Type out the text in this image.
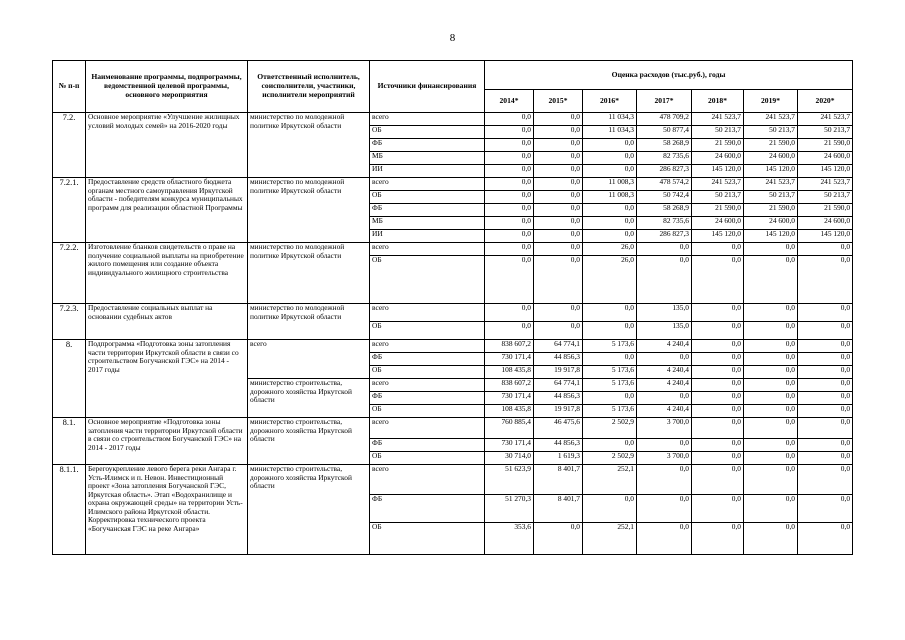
8
№ п-п	Наименование программы, подпрограммы, ведомственной целевой программы, основного мероприятия	Ответственный исполнитель, соисполнители, участники, исполнители мероприятий	Источники финансирования	Оценка расходов (тыс.руб.), годы						
				2014*	2015*	2016*	2017*	2018*	2019*	2020*
7.2.	Основное мероприятие «Улучшение жилищных условий молодых семей» на 2016-2020 годы	министерство по молодежной политике Иркутской области	всего	0,0	0,0	11 034,3	478 709,2	241 523,7	241 523,7	241 523,7
			ОБ	0,0	0,0	11 034,3	50 877,4	50 213,7	50 213,7	50 213,7
			ФБ	0,0	0,0	0,0	58 268,9	21 590,0	21 590,0	21 590,0
			МБ	0,0	0,0	0,0	82 735,6	24 600,0	24 600,0	24 600,0
			ИИ	0,0	0,0	0,0	286 827,3	145 120,0	145 120,0	145 120,0
7.2.1.	Предоставление средств областного бюджета органам местного самоуправления Иркутской области - победителям конкурса муниципальных программ для реализации областной Программы	министерство по молодежной политике Иркутской области	всего	0,0	0,0	11 008,3	478 574,2	241 523,7	241 523,7	241 523,7
			ОБ	0,0	0,0	11 008,3	50 742,4	50 213,7	50 213,7	50 213,7
			ФБ	0,0	0,0	0,0	58 268,9	21 590,0	21 590,0	21 590,0
			МБ	0,0	0,0	0,0	82 735,6	24 600,0	24 600,0	24 600,0
			ИИ	0,0	0,0	0,0	286 827,3	145 120,0	145 120,0	145 120,0
7.2.2.	Изготовление бланков свидетельств о праве на получение социальной выплаты на приобретение жилого помещения или создание объекта индивидуального жилищного строительства	министерство по молодежной политике Иркутской области	всего	0,0	0,0	26,0	0,0	0,0	0,0	0,0
			ОБ	0,0	0,0	26,0	0,0	0,0	0,0	0,0
7.2.3.	Предоставление социальных выплат на основании судебных актов	министерство по молодежной политике Иркутской области	всего	0,0	0,0	0,0	135,0	0,0	0,0	0,0
			ОБ	0,0	0,0	0,0	135,0	0,0	0,0	0,0
8.	Подпрограмма «Подготовка зоны затопления части территории Иркутской области в связи со строительством Богучанской ГЭС» на 2014 - 2017 годы	всего	всего	838 607,2	64 774,1	5 173,6	4 240,4	0,0	0,0	0,0
			ФБ	730 171,4	44 856,3	0,0	0,0	0,0	0,0	0,0
			ОБ	108 435,8	19 917,8	5 173,6	4 240,4	0,0	0,0	0,0
		министерство строительства, дорожного хозяйства Иркутской области	всего	838 607,2	64 774,1	5 173,6	4 240,4	0,0	0,0	0,0
			ФБ	730 171,4	44 856,3	0,0	0,0	0,0	0,0	0,0
			ОБ	108 435,8	19 917,8	5 173,6	4 240,4	0,0	0,0	0,0
8.1.	Основное мероприятие «Подготовка зоны затопления части территории Иркутской области в связи со строительством Богучанской ГЭС» на 2014 - 2017 годы	министерство строительства, дорожного хозяйства Иркутской области	всего	760 885,4	46 475,6	2 502,9	3 700,0	0,0	0,0	0,0
			ФБ	730 171,4	44 856,3	0,0	0,0	0,0	0,0	0,0
			ОБ	30 714,0	1 619,3	2 502,9	3 700,0	0,0	0,0	0,0
8.1.1.	Берегоукрепление левого берега реки Ангара г. Усть-Илимск и п. Невон. Инвестиционный проект «Зона затопления Богучанской ГЭС, Иркутская область». Этап «Водохранилище и охрана окружающей среды» на территории Усть-Илимского района Иркутской области. Корректировка технического проекта «Богучанская ГЭС на реке Ангара»	министерство строительства, дорожного хозяйства Иркутской области	всего	51 623,9	8 401,7	252,1	0,0	0,0	0,0	0,0
			ФБ	51 270,3	8 401,7	0,0	0,0	0,0	0,0	0,0
			ОБ	353,6	0,0	252,1	0,0	0,0	0,0	0,0
